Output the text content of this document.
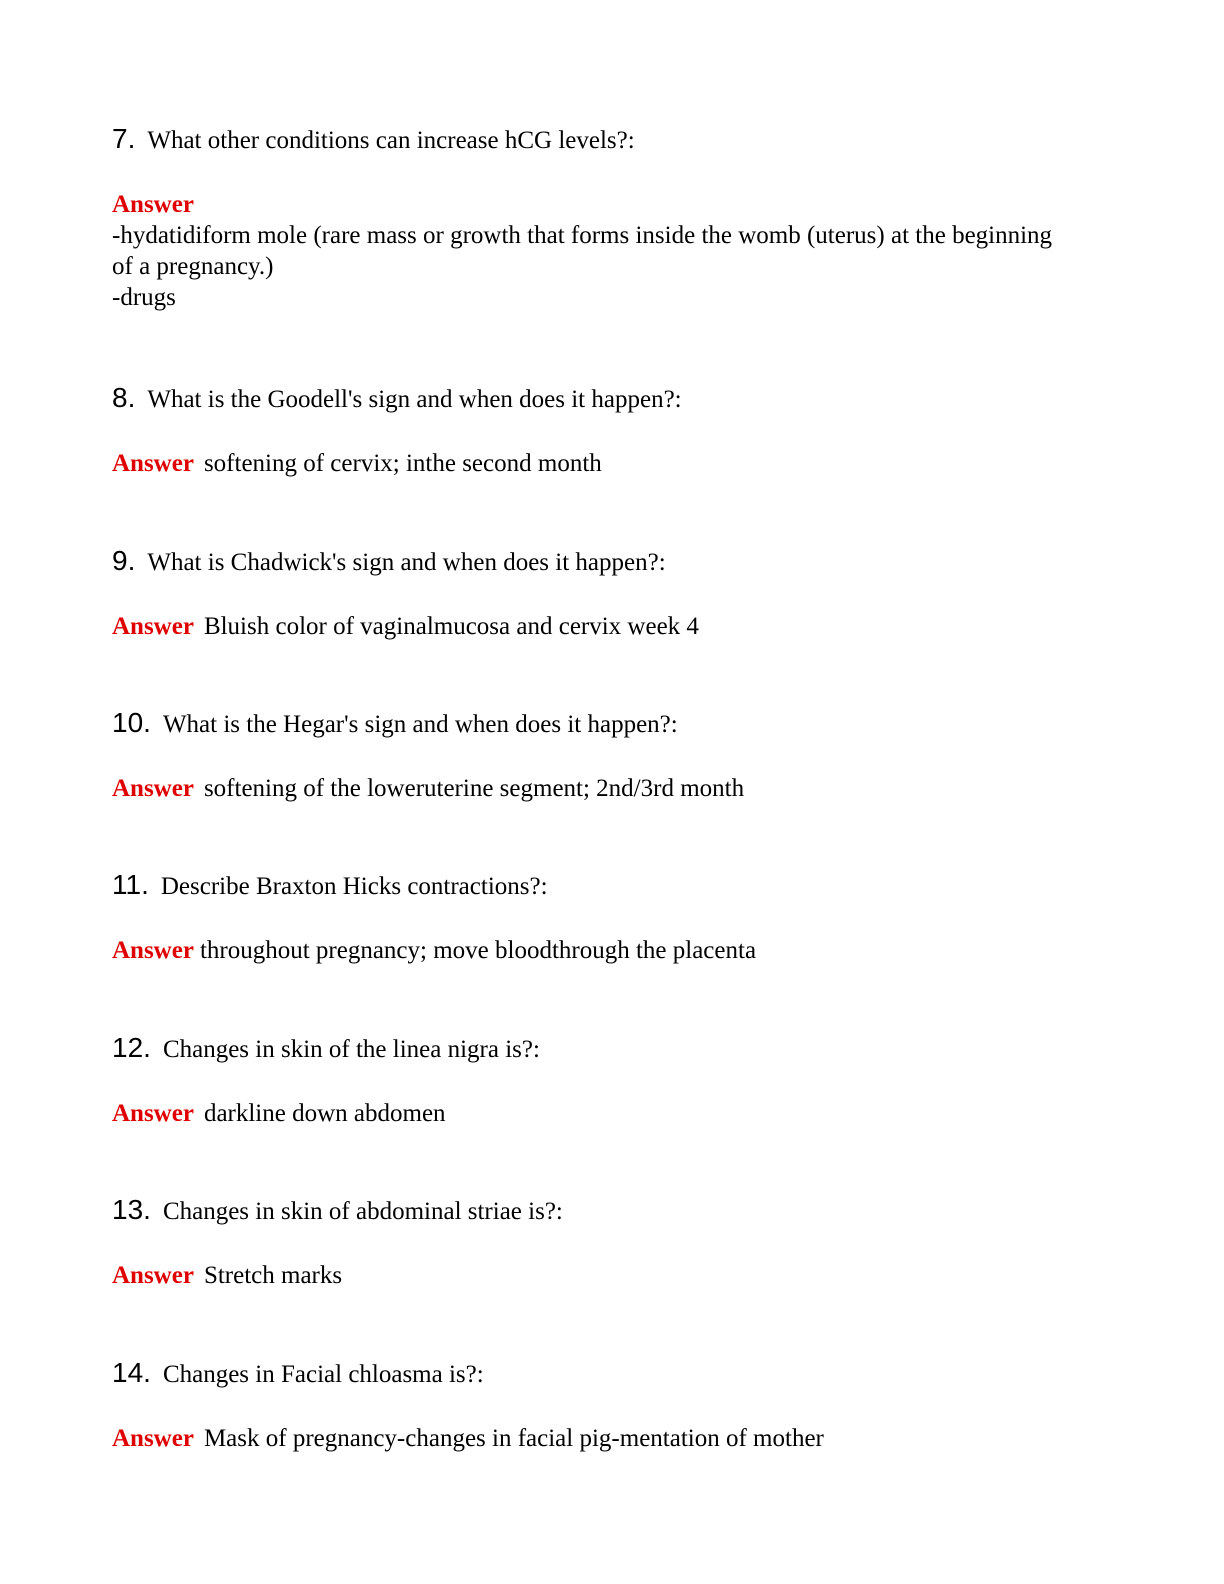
7. What other conditions can increase hCG levels?:
Answer
-hydatidiform mole (rare mass or growth that forms inside the womb (uterus) at the beginning
of a pregnancy.)
-drugs
8. What is the Goodell's sign and when does it happen?:
Answer softening of cervix; inthe second month
9. What is Chadwick's sign and when does it happen?:
Answer Bluish color of vaginalmucosa and cervix week 4
10. What is the Hegar's sign and when does it happen?:
Answer softening of the loweruterine segment; 2nd/3rd month
11. Describe Braxton Hicks contractions?:
Answer throughout pregnancy; move bloodthrough the placenta
12. Changes in skin of the linea nigra is?:
Answer darkline down abdomen
13. Changes in skin of abdominal striae is?:
Answer Stretch marks
14. Changes in Facial chloasma is?:
Answer Mask of pregnancy-changes in facial pig-mentation of mother
